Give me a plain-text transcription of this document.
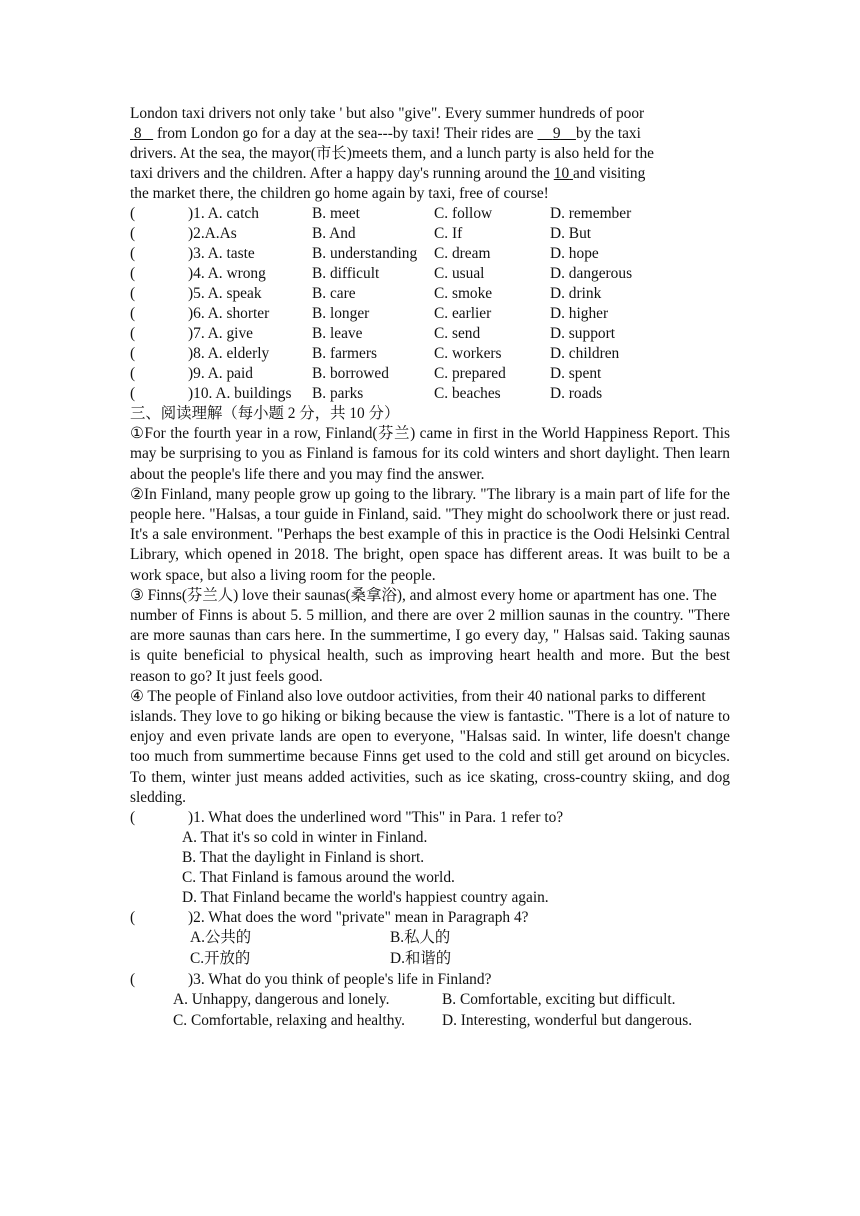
London taxi drivers not only take ' but also "give". Every summer hundreds of poor
8    from London go for a day at the sea---by taxi! Their rides are     9 by the taxi
drivers. At the sea, the mayor(市长)meets them, and a lunch party is also held for the
taxi drivers and the children. After a happy day's running around the 10 and visiting
the market there, the children go home again by taxi, free of course!
(	)1. A. catch	B. meet	C. follow	D. remember
(	)2.A.As	B. And	C. If	D. But
(	)3. A. taste	B. understanding C. dream	D. hope
(	)4. A. wrong	B. difficult	C. usual	D. dangerous
(	)5. A. speak	B. care	C. smoke	D. drink
(	)6. A. shorter	B. longer	C. earlier	D. higher
(	)7. A. give	B. leave	C. send	D. support
(	)8. A. elderly	B. farmers	C. workers	D. children
(	)9. A. paid	B. borrowed	C. prepared	D. spent
(	)10. A. buildings B. parks	C. beaches	D. roads
三、阅读理解（每小题 2 分，共 10 分）
①For the fourth year in a row, Finland(芬兰) came in first in the World Happiness Report. This may be surprising to you as Finland is famous for its cold winters and short daylight. Then learn about the people's life there and you may find the answer.
②In Finland, many people grow up going to the library. "The library is a main part of life for the people here. "Halsas, a tour guide in Finland, said. "They might do schoolwork there or just read. It's a sale environment. "Perhaps the best example of this in practice is the Oodi Helsinki Central Library, which opened in 2018. The bright, open space has different areas. It was built to be a work space, but also a living room for the people.
③ Finns(芬兰人) love their saunas(桑拿浴), and almost every home or apartment has one. The
number of Finns is about 5. 5 million, and there are over 2 million saunas in the country. "There are more saunas than cars here. In the summertime, I go every day, " Halsas said. Taking saunas is quite beneficial to physical health, such as improving heart health and more. But the best reason to go? It just feels good.
④ The people of Finland also love outdoor activities, from their 40 national parks to different
islands. They love to go hiking or biking because the view is fantastic. "There is a lot of nature to enjoy and even private lands are open to everyone, "Halsas said. In winter, life doesn't change too much from summertime because Finns get used to the cold and still get around on bicycles. To them, winter just means added activities, such as ice skating, cross-country skiing, and dog sledding.
(	)1. What does the underlined word "This" in Para. 1 refer to?
A. That it's so cold in winter in Finland.
B. That the daylight in Finland is short.
C. That Finland is famous around the world.
D. That Finland became the world's happiest country again.
(	)2. What does the word "private" mean in Paragraph 4?
A.公共的	B.私人的
C.开放的	D.和谐的
(	)3. What do you think of people's life in Finland?
A. Unhappy, dangerous and lonely.	B. Comfortable, exciting but difficult.
C. Comfortable, relaxing and healthy. D. Interesting, wonderful but dangerous.
